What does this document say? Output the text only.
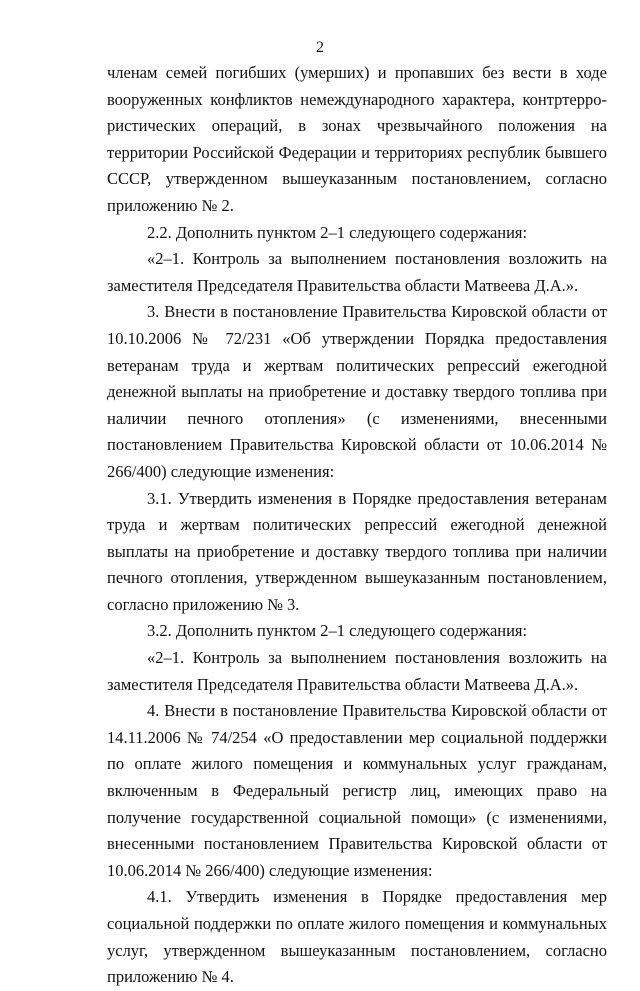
2

членам семей погибших (умерших) и пропавших без вести в ходе вооруженных конфликтов немеждународного характера, контртерро- ристических операций, в зонах чрезвычайного положения на территории Российской Федерации и территориях республик бывшего СССР, утвержденном вышеуказанным постановлением, согласно приложению № 2.

2.2. Дополнить пунктом 2–1 следующего содержания:

«2–1. Контроль за выполнением постановления возложить на заместителя Председателя Правительства области Матвеева Д.А.».

3. Внести в постановление Правительства Кировской области от 10.10.2006 № 72/231 «Об утверждении Порядка предоставления ветеранам труда и жертвам политических репрессий ежегодной денежной выплаты на приобретение и доставку твердого топлива при наличии печного отопления» (с изменениями, внесенными постановлением Правительства Кировской области от 10.06.2014 № 266/400) следующие изменения:

3.1. Утвердить изменения в Порядке предоставления ветеранам труда и жертвам политических репрессий ежегодной денежной выплаты на приобретение и доставку твердого топлива при наличии печного отопления, утвержденном вышеуказанным постановлением, согласно приложению № 3.

3.2. Дополнить пунктом 2–1 следующего содержания:

«2–1. Контроль за выполнением постановления возложить на заместителя Председателя Правительства области Матвеева Д.А.».

4. Внести в постановление Правительства Кировской области от 14.11.2006 № 74/254 «О предоставлении мер социальной поддержки по оплате жилого помещения и коммунальных услуг гражданам, включенным в Федеральный регистр лиц, имеющих право на получение государственной социальной помощи» (с изменениями, внесенными постановлением Правительства Кировской области от 10.06.2014 № 266/400) следующие изменения:

4.1. Утвердить изменения в Порядке предоставления мер социальной поддержки по оплате жилого помещения и коммунальных услуг, утвержденном вышеуказанным постановлением, согласно приложению № 4.
